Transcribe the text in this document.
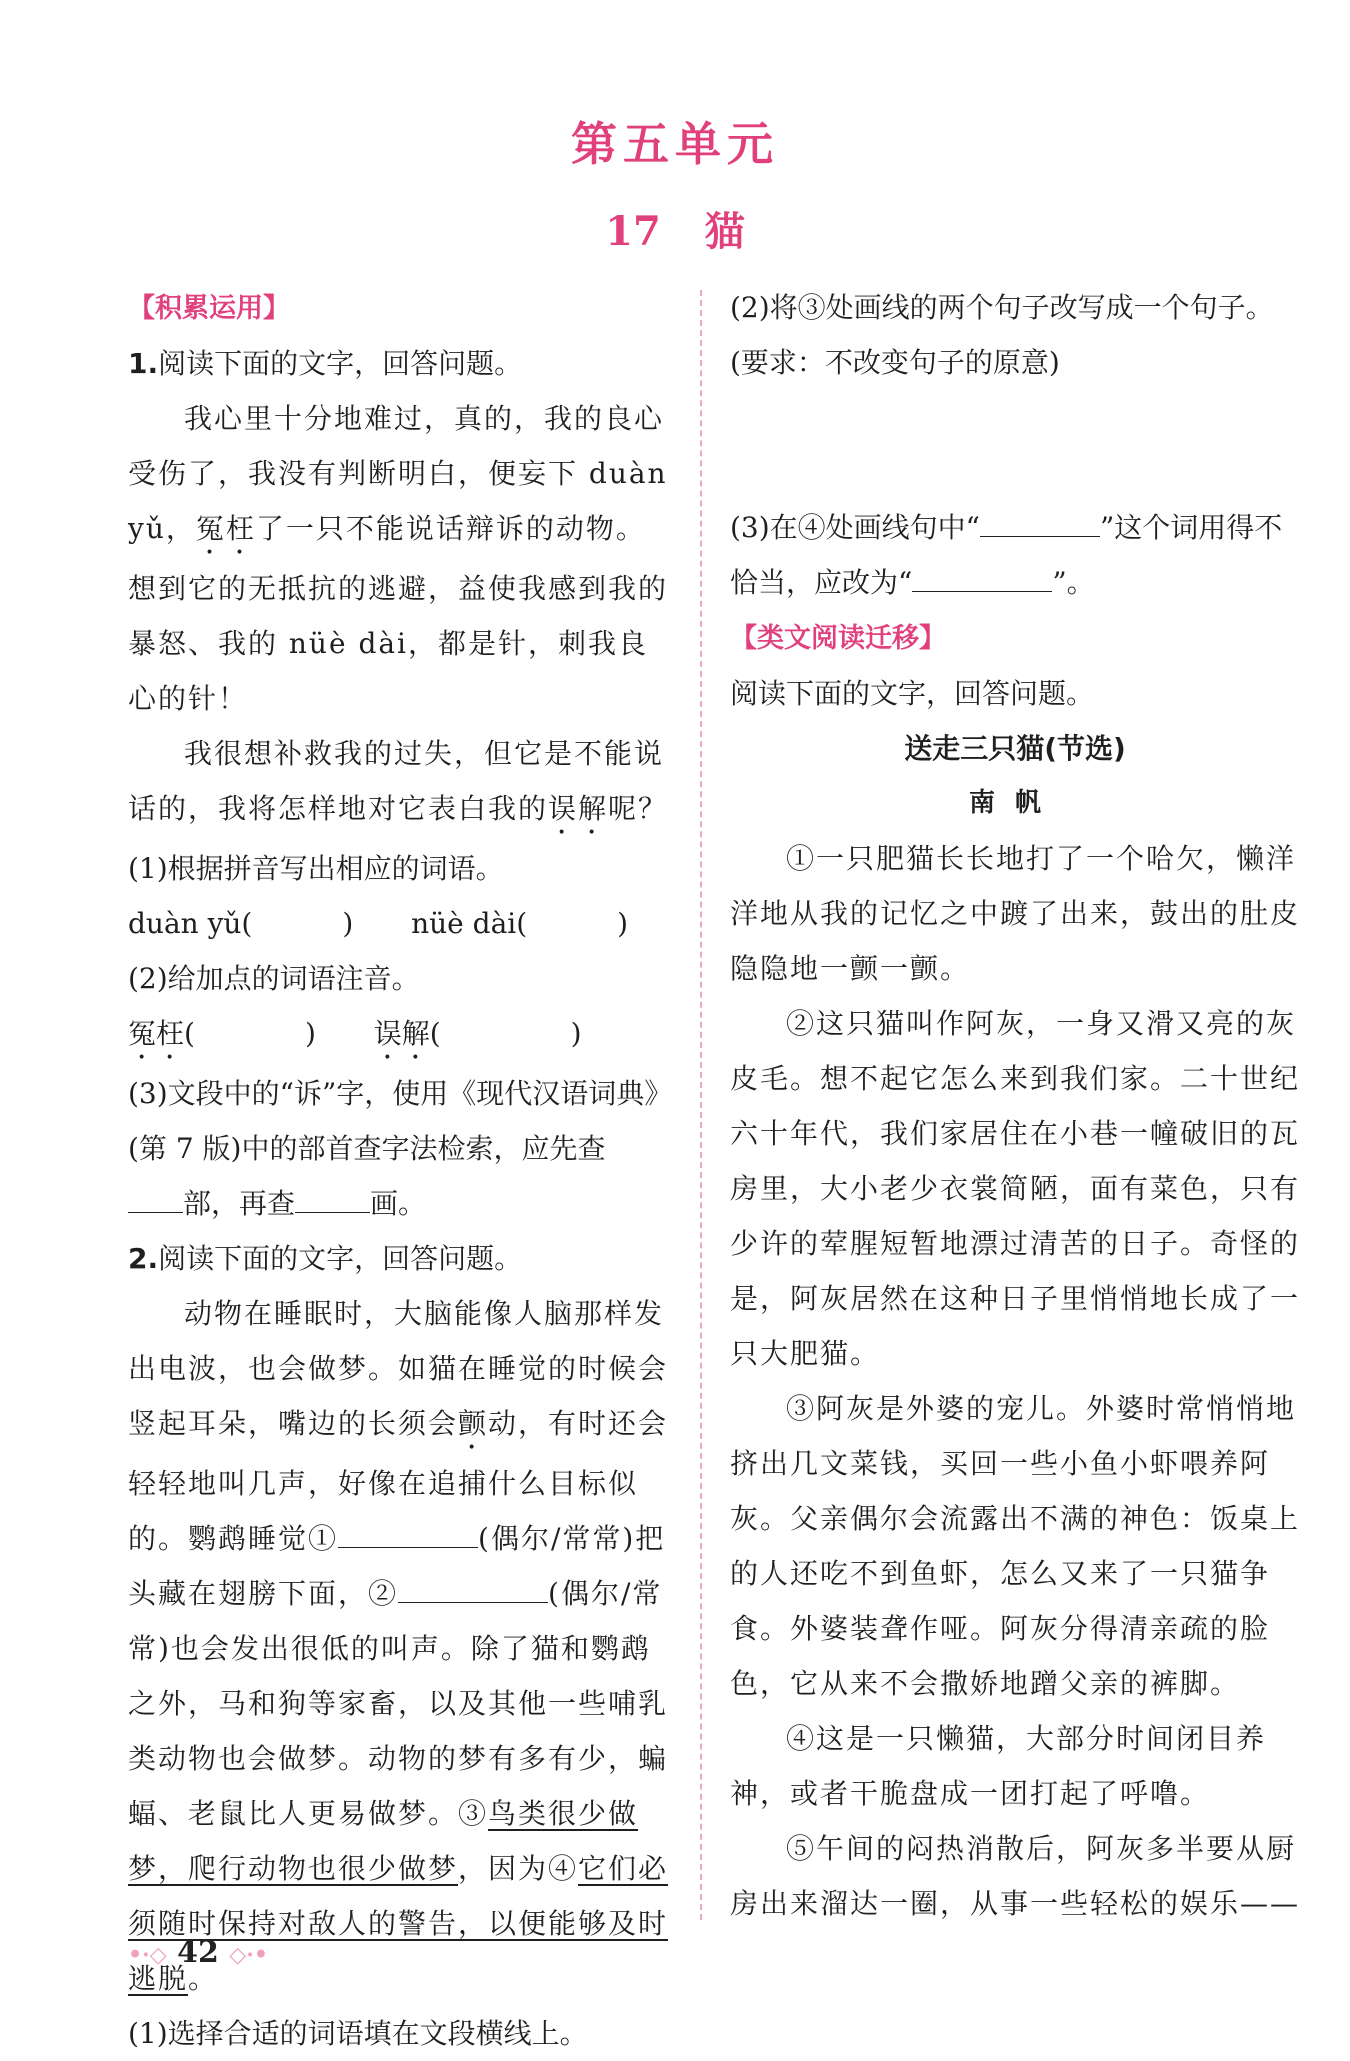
第五单元
17 猫
【积累运用】

1.阅读下面的文字，回答问题。

我心里十分地难过，真的，我的良心受伤了，我没有判断明白，便妄下 duàn yǔ，冤枉了一只不能说话辩诉的动物。想到它的无抵抗的逃避，益使我感到我的暴怒、我的 nüè dài，都是针，刺我良心的针！

我很想补救我的过失，但它是不能说话的，我将怎样地对它表白我的误解呢？

(1)根据拼音写出相应的词语。

duàn yǔ(	) nüè dài(	)

(2)给加点的词语注音。

冤枉(	) 误解(	)

(3)文段中的“诉”字，使用《现代汉语词典》(第 7 版)中的部首查字法检索，应先查
部，再查	画。

2.阅读下面的文字，回答问题。

动物在睡眠时，大脑能像人脑那样发出电波，也会做梦。如猫在睡觉的时候会竖起耳朵，嘴边的长须会颤动，有时还会轻轻地叫几声，好像在追捕什么目标似的。鹦鹉睡觉①	(偶尔/常常)把头藏在翅膀下面，②	(偶尔/常常)也会发出很低的叫声。除了猫和鹦鹉之外，马和狗等家畜，以及其他一些哺乳类动物也会做梦。动物的梦有多有少，蝙蝠、老鼠比人更易做梦。③鸟类很少做梦，爬行动物也很少做梦，因为④它们必须随时保持对敌人的警告，以便能够及时逃脱。

(1)选择合适的词语填在文段横线上。

(2)将③处画线的两个句子改写成一个句子。(要求：不改变句子的原意)

(3)在④处画线句中“	”这个词用得不恰当，应改为“	”。

【类文阅读迁移】

阅读下面的文字，回答问题。

送走三只猫(节选)

南帆

①一只肥猫长长地打了一个哈欠，懒洋洋地从我的记忆之中踱了出来，鼓出的肚皮隐隐地一颤一颤。

②这只猫叫作阿灰，一身又滑又亮的灰皮毛。想不起它怎么来到我们家。二十世纪六十年代，我们家居住在小巷一幢破旧的瓦房里，大小老少衣裳简陋，面有菜色，只有少许的荤腥短暂地漂过清苦的日子。奇怪的是，阿灰居然在这种日子里悄悄地长成了一只大肥猫。

③阿灰是外婆的宠儿。外婆时常悄悄地挤出几文菜钱，买回一些小鱼小虾喂养阿灰。父亲偶尔会流露出不满的神色：饭桌上的人还吃不到鱼虾，怎么又来了一只猫争食。外婆装聋作哑。阿灰分得清亲疏的脸色，它从来不会撒娇地蹭父亲的裤脚。

④这是一只懒猫，大部分时间闭目养神，或者干脆盘成一团打起了呼噜。

⑤午间的闷热消散后，阿灰多半要从厨房出来溜达一圈，从事一些轻松的娱乐——

•·◇ 42 ◇·•
